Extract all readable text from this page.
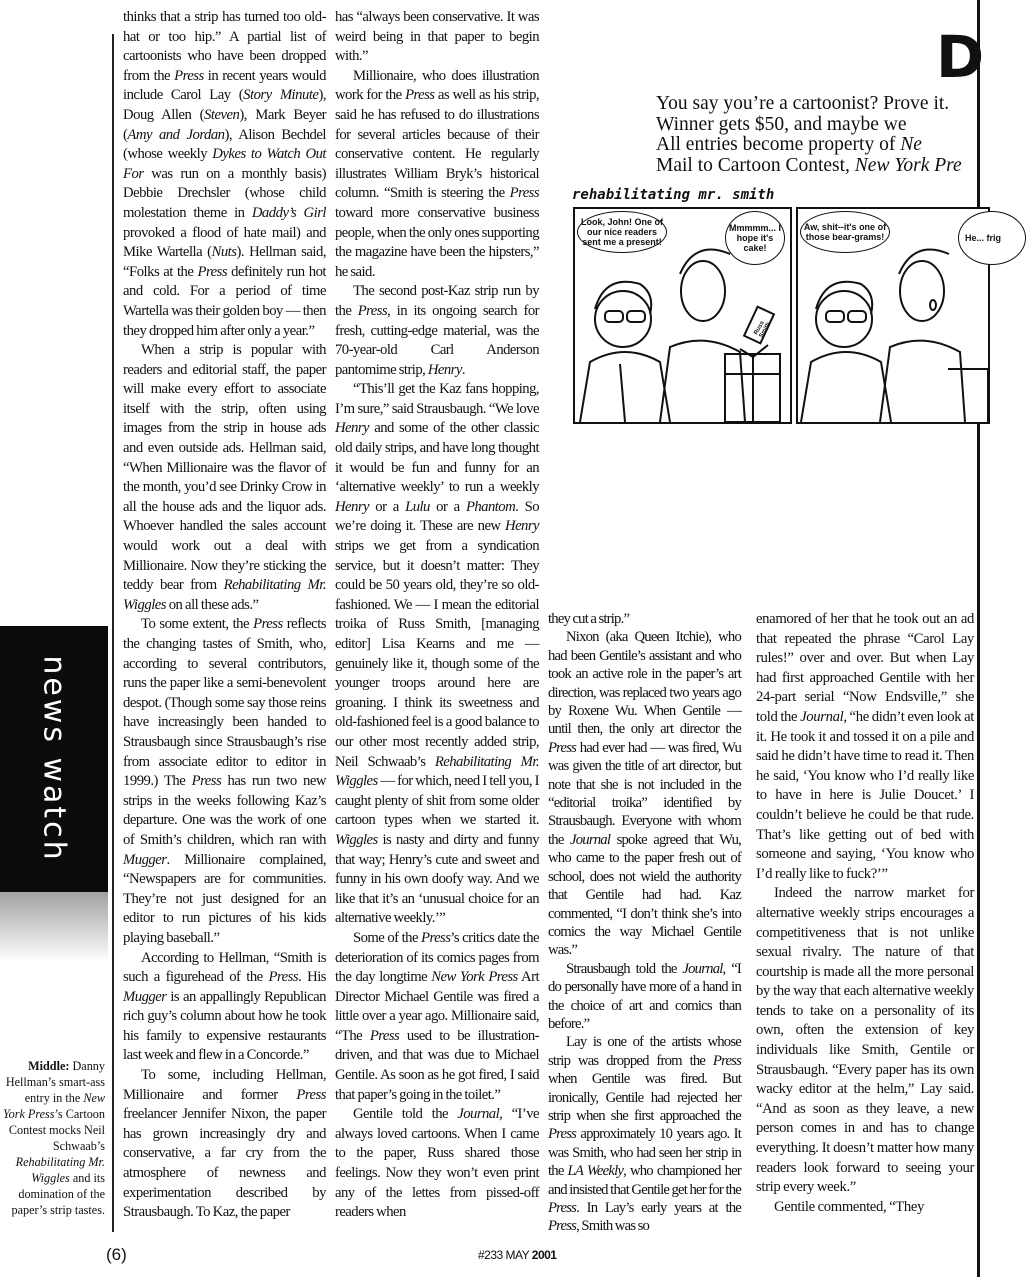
news watch
D
You say you’re a cartoonist? Prove it.
Winner gets $50, and maybe we
All entries become property of Ne
Mail to Cartoon Contest, New York Pre
rehabilitating mr. smith
Look, John! One of our nice readers sent me a present!
Mmmmm... I hope it's cake!
Russ Smith
Aw, shit--it's one of those bear-grams!	He... frig

thinks that a strip has turned too old-hat or too hip.” A partial list of cartoonists who have been dropped from the Press in recent years would include Carol Lay (Story Minute), Doug Allen (Steven), Mark Beyer (Amy and Jordan), Alison Bechdel (whose weekly Dykes to Watch Out For was run on a monthly basis) Debbie Drechsler (whose child molestation theme in Daddy’s Girl provoked a flood of hate mail) and Mike Wartella (Nuts). Hellman said, “Folks at the Press definitely run hot and cold. For a period of time Wartella was their golden boy — then they dropped him after only a year.”

When a strip is popular with readers and editorial staff, the paper will make every effort to associate itself with the strip, often using images from the strip in house ads and even outside ads. Hellman said, “When Millionaire was the flavor of the month, you’d see Drinky Crow in all the house ads and the liquor ads. Whoever handled the sales account would work out a deal with Millionaire. Now they’re sticking the teddy bear from Rehabilitating Mr. Wiggles on all these ads.”

To some extent, the Press reflects the changing tastes of Smith, who, according to several contributors, runs the paper like a semi-benevolent despot. (Though some say those reins have increasingly been handed to Strausbaugh since Strausbaugh’s rise from associate editor to editor in 1999.) The Press has run two new strips in the weeks following Kaz’s departure. One was the work of one of Smith’s children, which ran with Mugger. Millionaire complained, “Newspapers are for communities. They’re not just designed for an editor to run pictures of his kids playing baseball.”

According to Hellman, “Smith is such a figurehead of the Press. His Mugger is an appallingly Republican rich guy’s column about how he took his family to expensive restaurants last week and flew in a Concorde.”

To some, including Hellman, Millionaire and former Press freelancer Jennifer Nixon, the paper has grown increasingly dry and conservative, a far cry from the atmosphere of newness and experimentation described by Strausbaugh. To Kaz, the paper

has “always been conservative. It was weird being in that paper to begin with.”

Millionaire, who does illustration work for the Press as well as his strip, said he has refused to do illustrations for several articles because of their conservative content. He regularly illustrates William Bryk’s historical column. “Smith is steering the Press toward more conservative business people, when the only ones supporting the magazine have been the hipsters,” he said.

The second post-Kaz strip run by the Press, in its ongoing search for fresh, cutting-edge material, was the 70-year-old Carl Anderson pantomime strip, Henry.

“This’ll get the Kaz fans hopping, I’m sure,” said Strausbaugh. “We love Henry and some of the other classic old daily strips, and have long thought it would be fun and funny for an ‘alternative weekly’ to run a weekly Henry or a Lulu or a Phantom. So we’re doing it. These are new Henry strips we get from a syndication service, but it doesn’t matter: They could be 50 years old, they’re so old-fashioned. We — I mean the editorial troika of Russ Smith, [managing editor] Lisa Kearns and me — genuinely like it, though some of the younger troops around here are groaning. I think its sweetness and old-fashioned feel is a good balance to our other most recently added strip, Neil Schwaab’s Rehabilitating Mr. Wiggles — for which, need I tell you, I caught plenty of shit from some older cartoon types when we started it. Wiggles is nasty and dirty and funny that way; Henry’s cute and sweet and funny in his own doofy way. And we like that it’s an ‘unusual choice for an alternative weekly.’”

Some of the Press’s critics date the deterioration of its comics pages from the day longtime New York Press Art Director Michael Gentile was fired a little over a year ago. Millionaire said, “The Press used to be illustration-driven, and that was due to Michael Gentile. As soon as he got fired, I said that paper’s going in the toilet.”

Gentile told the Journal, “I’ve always loved cartoons. When I came to the paper, Russ shared those feelings. Now they won’t even print any of the lettes from pissed-off readers when

they cut a strip.”

Nixon (aka Queen Itchie), who had been Gentile’s assistant and who took an active role in the paper’s art direction, was replaced two years ago by Roxene Wu. When Gentile — until then, the only art director the Press had ever had — was fired, Wu was given the title of art director, but note that she is not included in the “editorial troika” identified by Strausbaugh. Everyone with whom the Journal spoke agreed that Wu, who came to the paper fresh out of school, does not wield the authority that Gentile had had. Kaz commented, “I don’t think she’s into comics the way Michael Gentile was.”

Strausbaugh told the Journal, “I do personally have more of a hand in the choice of art and comics than before.”

Lay is one of the artists whose strip was dropped from the Press when Gentile was fired. But ironically, Gentile had rejected her strip when she first approached the Press approximately 10 years ago. It was Smith, who had seen her strip in the LA Weekly, who championed her and insisted that Gentile get her for the Press. In Lay’s early years at the Press, Smith was so

enamored of her that he took out an ad that repeated the phrase “Carol Lay rules!” over and over. But when Lay had first approached Gentile with her 24-part serial “Now Endsville,” she told the Journal, “he didn’t even look at it. He took it and tossed it on a pile and said he didn’t have time to read it. Then he said, ‘You know who I’d really like to have in here is Julie Doucet.’ I couldn’t believe he could be that rude. That’s like getting out of bed with someone and saying, ‘You know who I’d really like to fuck?’”

Indeed the narrow market for alternative weekly strips encourages a competitiveness that is not unlike sexual rivalry. The nature of that courtship is made all the more personal by the way that each alternative weekly tends to take on a personality of its own, often the extension of key individuals like Smith, Gentile or Strausbaugh. “Every paper has its own wacky editor at the helm,” Lay said. “And as soon as they leave, a new person comes in and has to change everything. It doesn’t matter how many readers look forward to seeing your strip every week.”

Gentile commented, “They

Middle: Danny Hellman’s smart-ass entry in the New York Press’s Cartoon Contest mocks Neil Schwaab’s Rehabilitating Mr. Wiggles and its domination of the paper’s strip tastes.
(6)	#233 MAY 2001
